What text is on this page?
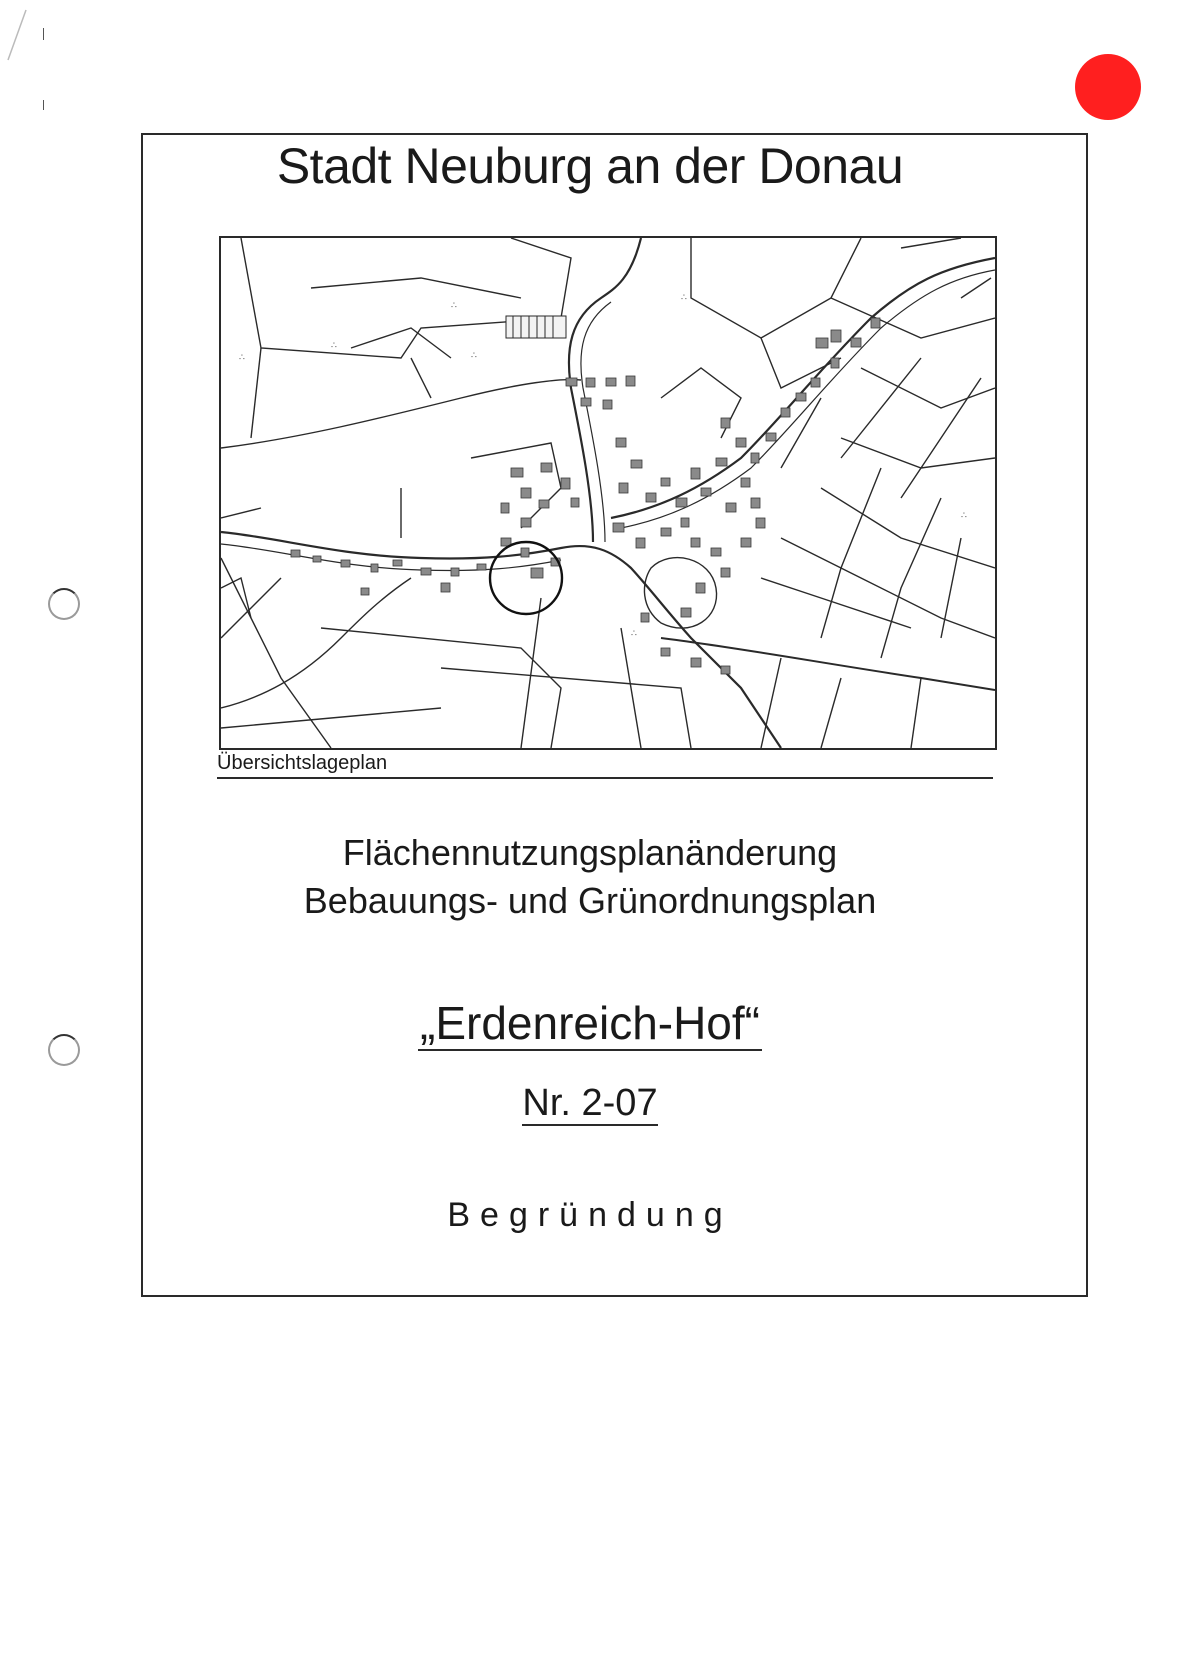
Stadt Neuburg an der Donau
∴
∴
∴
∴
∴
∴
∴
Übersichtslageplan
Flächennutzungsplanänderung
Bebauungs- und Grünordnungsplan
„Erdenreich-Hof“
Nr. 2-07
Begründung
